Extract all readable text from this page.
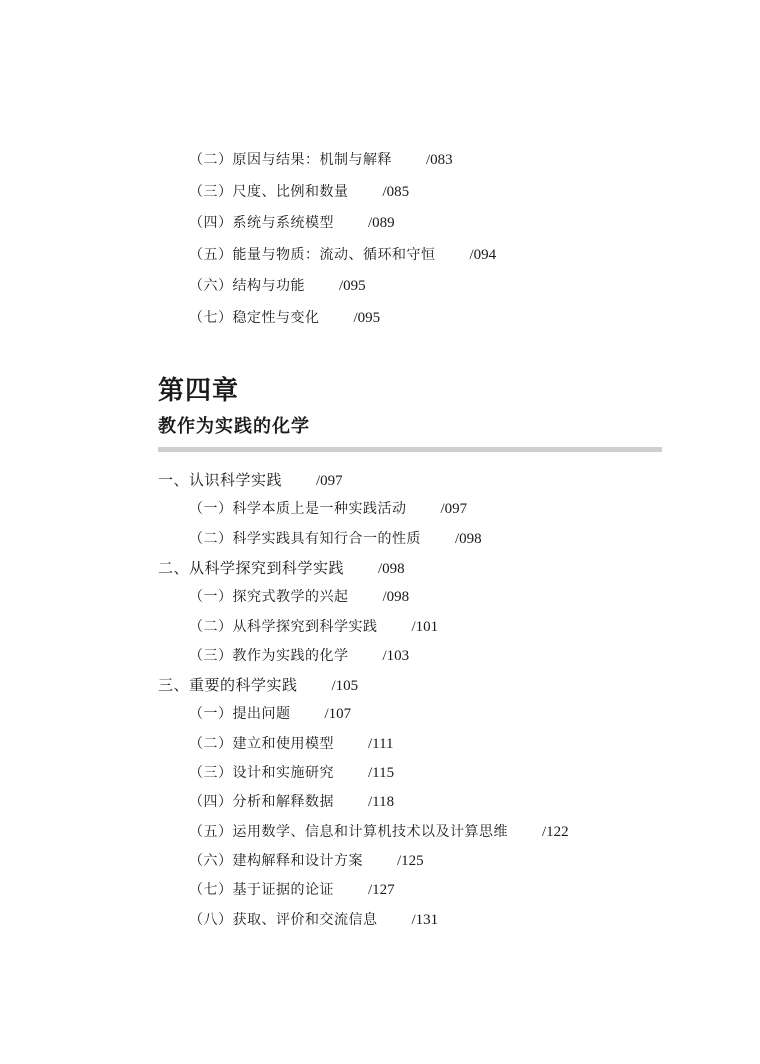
（二）原因与结果：机制与解释 /083
（三）尺度、比例和数量 /085
（四）系统与系统模型 /089
（五）能量与物质：流动、循环和守恒 /094
（六）结构与功能 /095
（七）稳定性与变化 /095
第四章
教作为实践的化学
一、认识科学实践 /097
（一）科学本质上是一种实践活动 /097
（二）科学实践具有知行合一的性质 /098
二、从科学探究到科学实践 /098
（一）探究式教学的兴起 /098
（二）从科学探究到科学实践 /101
（三）教作为实践的化学 /103
三、重要的科学实践 /105
（一）提出问题 /107
（二）建立和使用模型 /111
（三）设计和实施研究 /115
（四）分析和解释数据 /118
（五）运用数学、信息和计算机技术以及计算思维 /122
（六）建构解释和设计方案 /125
（七）基于证据的论证 /127
（八）获取、评价和交流信息 /131
